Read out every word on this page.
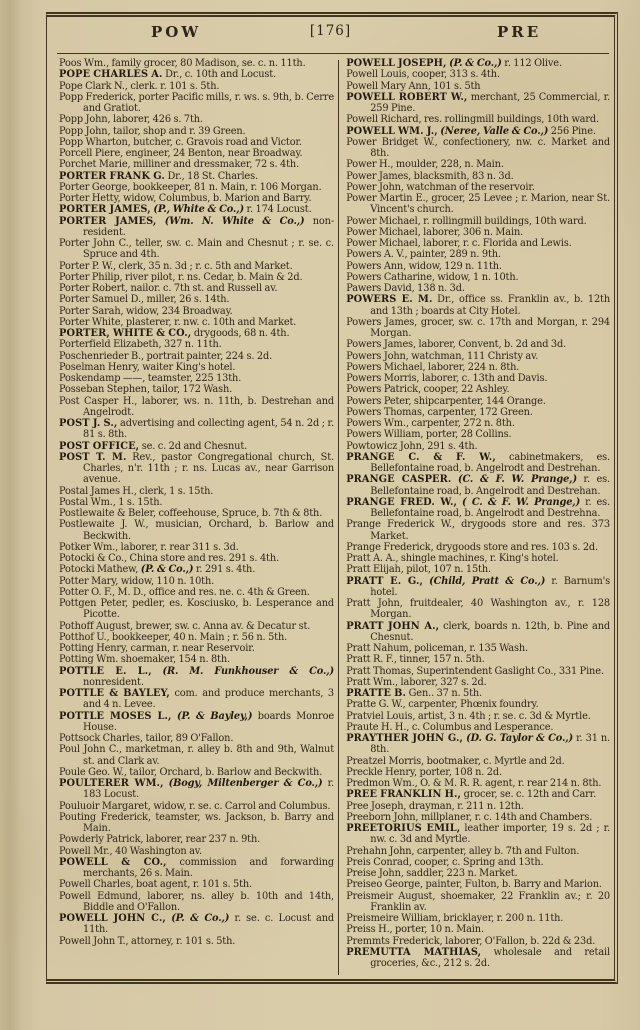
POW	[176]	PRE
Poos Wm., family grocer, 80 Madison, se. c. n. 11th.
POPE CHARLES A. Dr., c. 10th and Locust.
Pope Clark N., clerk. r. 101 s. 5th.
Popp Frederick, porter Pacific mills, r. ws. s. 9th, b. Cerre and Gratiot.
Popp John, laborer, 426 s. 7th.
Popp John, tailor, shop and r. 39 Green.
Popp Wharton, butcher, c. Gravois road and Victor.
Porcell Piere, engineer, 24 Benton, near Broadway.
Porchet Marie, milliner and dressmaker, 72 s. 4th.
PORTER FRANK G. Dr., 18 St. Charles.
Porter George, bookkeeper, 81 n. Main, r. 106 Morgan.
Porter Hetty, widow, Columbus, b. Marion and Barry.
PORTER JAMES, (P., White & Co.,) r. 174 Locust.
PORTER JAMES, (Wm. N. White & Co.,) non-resident.
Porter John C., teller, sw. c. Main and Chesnut ; r. se. c. Spruce and 4th.
Porter P. W., clerk, 35 n. 3d ; r. c. 5th and Market.
Porter Philip, river pilot, r. ns. Cedar, b. Main & 2d.
Porter Robert, nailor. c. 7th st. and Russell av.
Porter Samuel D., miller, 26 s. 14th.
Porter Sarah, widow, 234 Broadway.
Porter White, plasterer, r. nw. c. 10th and Market.
PORTER, WHITE & CO., drygoods, 68 n. 4th.
Porterfield Elizabeth, 327 n. 11th.
Poschenrieder B., portrait painter, 224 s. 2d.
Poselman Henry, waiter King's hotel.
Poskendamp ——, teamster, 225 13th.
Posseban Stephen, tailor, 172 Wash.
Post Casper H., laborer, ws. n. 11th, b. Destrehan and Angelrodt.
POST J. S., advertising and collecting agent, 54 n. 2d ; r. 81 s. 8th.
POST OFFICE, se. c. 2d and Chesnut.
POST T. M. Rev., pastor Congregational church, St. Charles, n'r. 11th ; r. ns. Lucas av., near Garrison avenue.
Postal James H., clerk, 1 s. 15th.
Postal Wm., 1 s. 15th.
Postlewaite & Beler, coffeehouse, Spruce, b. 7th & 8th.
Postlewaite J. W., musician, Orchard, b. Barlow and Beckwith.
Potker Wm., laborer, r. rear 311 s. 3d.
Potocki & Co., China store and res. 291 s. 4th.
Potocki Mathew, (P. & Co.,) r. 291 s. 4th.
Potter Mary, widow, 110 n. 10th.
Potter O. F., M. D., office and res. ne. c. 4th & Green.
Pottgen Peter, pedler, es. Kosciusko, b. Lesperance and Picotte.
Pothoff August, brewer, sw. c. Anna av. & Decatur st.
Potthof U., bookkeeper, 40 n. Main ; r. 56 n. 5th.
Potting Henry, carman, r. near Reservoir.
Potting Wm. shoemaker, 154 n. 8th.
POTTLE E. L., (R. M. Funkhouser & Co.,) nonresident.
POTTLE & BAYLEY, com. and produce merchants, 3 and 4 n. Levee.
POTTLE MOSES L., (P. & Bayley,) boards Monroe House.
Pottsock Charles, tailor, 89 O'Fallon.
Poul John C., marketman, r. alley b. 8th and 9th, Walnut st. and Clark av.
Poule Geo. W., tailor, Orchard, b. Barlow and Beckwith.
POULTERER WM., (Bogy, Miltenberger & Co.,) r. 183 Locust.
Pouluoir Margaret, widow, r. se. c. Carrol and Columbus.
Pouting Frederick, teamster, ws. Jackson, b. Barry and Main.
Powderly Patrick, laborer, rear 237 n. 9th.
Powell Mr., 40 Washington av.
POWELL & CO., commission and forwarding merchants, 26 s. Main.
Powell Charles, boat agent, r. 101 s. 5th.
Powell Edmund, laborer, ns. alley b. 10th and 14th, Biddle and O'Fallon.
POWELL JOHN C., (P. & Co.,) r. se. c. Locust and 11th.
Powell John T., attorney, r. 101 s. 5th.
POWELL JOSEPH, (P. & Co.,) r. 112 Olive.
Powell Louis, cooper, 313 s. 4th.
Powell Mary Ann, 101 s. 5th
POWELL ROBERT W., merchant, 25 Commercial, r. 259 Pine.
Powell Richard, res. rollingmill buildings, 10th ward.
POWELL WM. J., (Neree, Valle & Co.,) 256 Pine.
Power Bridget W., confectionery, nw. c. Market and 8th.
Power H., moulder, 228, n. Main.
Power James, blacksmith, 83 n. 3d.
Power John, watchman of the reservoir.
Power Martin E., grocer, 25 Levee ; r. Marion, near St. Vincent's church.
Power Michael, r. rollingmill buildings, 10th ward.
Power Michael, laborer, 306 n. Main.
Power Michael, laborer, r. c. Florida and Lewis.
Powers A. V., painter, 289 n. 9th.
Powers Ann, widow, 129 n. 11th.
Powers Catharine, widow, 1 n. 10th.
Pawers David, 138 n. 3d.
POWERS E. M. Dr., office ss. Franklin av., b. 12th and 13th ; boards at City Hotel.
Powers James, grocer, sw. c. 17th and Morgan, r. 294 Morgan.
Powers James, laborer, Convent, b. 2d and 3d.
Powers John, watchman, 111 Christy av.
Powers Michael, laborer, 224 n. 8th.
Powers Morris, laborer, c. 13th and Davis.
Powers Patrick, cooper, 22 Ashley.
Powers Peter, shipcarpenter, 144 Orange.
Powers Thomas, carpenter, 172 Green.
Powers Wm., carpenter, 272 n. 8th.
Powers William, porter, 28 Collins.
Powtowicz John, 291 s. 4th.
PRANGE C. & F. W., cabinetmakers, es. Bellefontaine road, b. Angelrodt and Destrehan.
PRANGE CASPER. (C. & F. W. Prange,) r. es. Bellefontaine road, b. Angelrodt and Destrehan.
PRANGE FRED. W., ( C. & F. W. Prange,) r. es. Bellefontaine road, b. Angelrodt and Destrehna.
Prange Frederick W., drygoods store and res. 373 Market.
Prange Frederick, drygoods store and res. 103 s. 2d.
Pratt A. A., shingle machines, r. King's hotel.
Pratt Elijah, pilot, 107 n. 15th.
PRATT E. G., (Child, Pratt & Co.,) r. Barnum's hotel.
Pratt John, fruitdealer, 40 Washington av., r. 128 Morgan.
PRATT JOHN A., clerk, boards n. 12th, b. Pine and Chesnut.
Pratt Nahum, policeman, r. 135 Wash.
Pratt R. F., tinner, 157 n. 5th.
Pratt Thomas, Superintendent Gaslight Co., 331 Pine.
Pratt Wm., laborer, 327 s. 2d.
PRATTE B. Gen.. 37 n. 5th.
Pratte G. W., carpenter, Phœnix foundry.
Pratviel Louis, artist, 3 n. 4th ; r. se. c. 3d & Myrtle.
Praute H. H., c. Columbus and Lesperance.
PRAYTHER JOHN G., (D. G. Taylor & Co.,) r. 31 n. 8th.
Preatzel Morris, bootmaker, c. Myrtle and 2d.
Preckle Henry, porter, 108 n. 2d.
Predmon Wm., O. & M. R. R. agent, r. rear 214 n. 8th.
PREE FRANKLIN H., grocer, se. c. 12th and Carr.
Pree Joseph, drayman, r. 211 n. 12th.
Preeborn John, millplaner, r. c. 14th and Chambers.
PREETORIUS EMIL, leather importer, 19 s. 2d ; r. nw. c. 3d and Myrtle.
Prehahn John, carpenter, alley b. 7th and Fulton.
Preis Conrad, cooper, c. Spring and 13th.
Preise John, saddler, 223 n. Market.
Preiseo George, painter, Fulton, b. Barry and Marion.
Preismeir August, shoemaker, 22 Franklin av.; r. 20 Franklin av.
Preismeire William, bricklayer, r. 200 n. 11th.
Preiss H., porter, 10 n. Main.
Premmts Frederick, laborer, O'Fallon, b. 22d & 23d.
PREMUTTA MATHIAS, wholesale and retail groceries, &c., 212 s. 2d.
